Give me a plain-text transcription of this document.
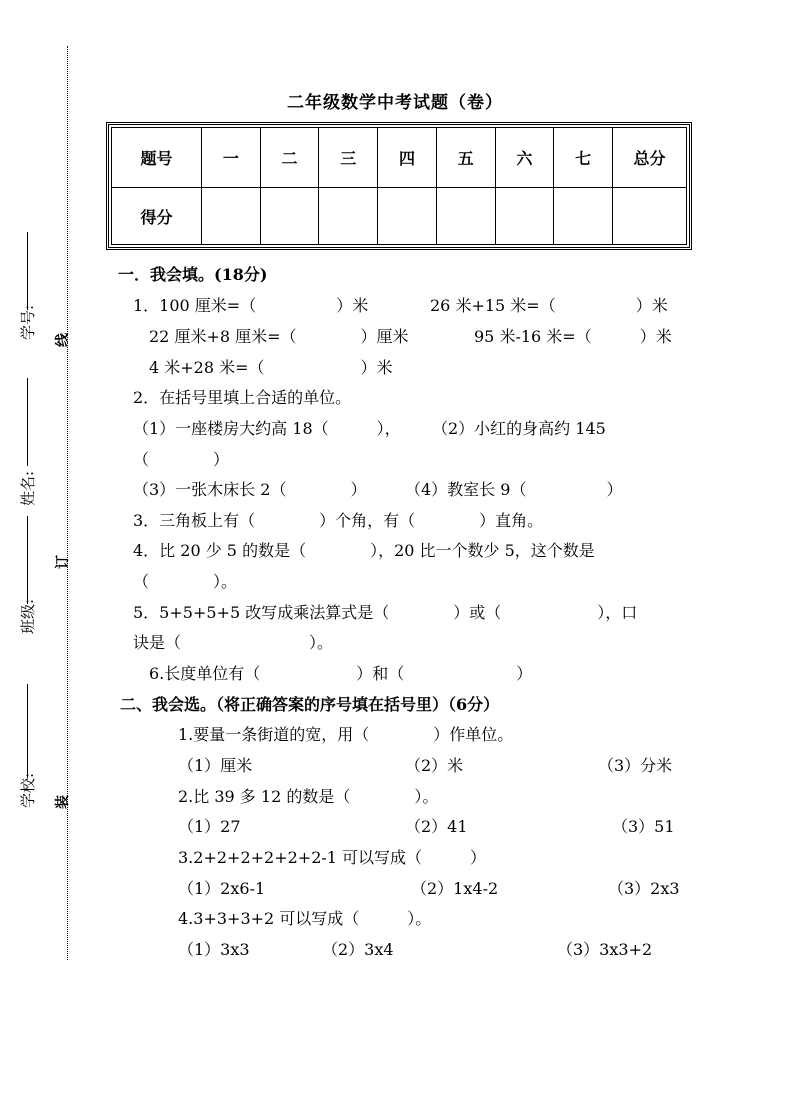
学号:
姓名:
班级:
学校:
线
订
装
二年级数学中考试题（卷）
题号	一	二	三	四	五	六	七	总分
得分								
一．我会填。(18分)
1．100 厘米=（　　　　　）米	26 米+15 米=（　　　　　）米
22 厘米+8 厘米=（　　　　）厘米	95 米-16 米=（　　　）米
4 米+28 米=（　　　　　　）米
2．在括号里填上合适的单位。
（1）一座楼房大约高 18（　　　）， （2）小红的身高约 145
（　　　　）
（3）一张木床长 2（　　　　） （4）教室长 9（　　　　　）
3．三角板上有（　　　　）个角，有（　　　　）直角。
4．比 20 少 5 的数是（　　　　），20 比一个数少 5，这个数是
（　　　　）。
5．5+5+5+5 改写成乘法算式是（　　　　）或（　　　　　　），口
诀是（　　　　　　　　）。
6.长度单位有（　　　　　　）和（　　　　　　　）
二、我会选。（将正确答案的序号填在括号里）（6分）
1.要量一条街道的宽，用（　　　　）作单位。
（1）厘米	（2）米	（3）分米
2.比 39 多 12 的数是（　　　　）。
（1）27	（2）41	（3）51
3.2+2+2+2+2+2-1 可以写成（　　　）
（1）2x6-1	（2）1x4-2	（3）2x3
4.3+3+3+2 可以写成（　　　）。
（1）3x3	（2）3x4	（3）3x3+2
